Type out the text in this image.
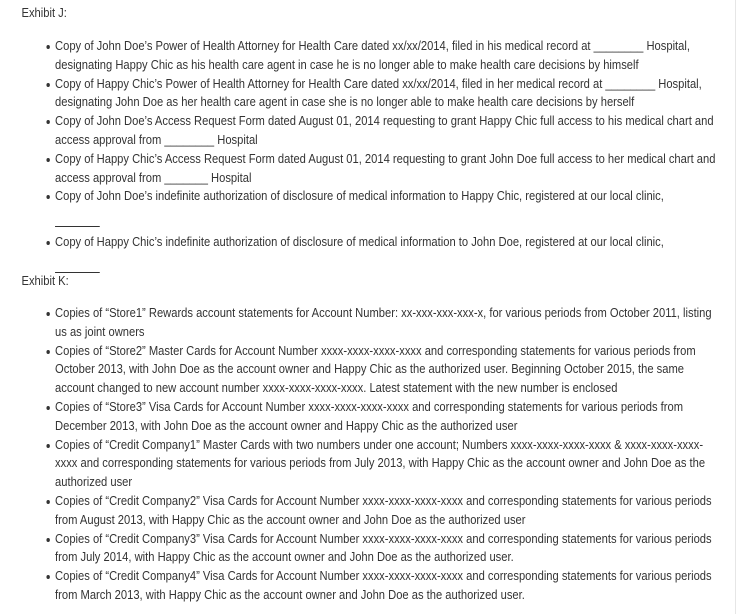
Exhibit J:

Copy of John Doe’s Power of Health Attorney for Health Care dated xx/xx/2014, filed in his medical record at ________ Hospital, designating Happy Chic as his health care agent in case he is no longer able to make health care decisions by himself
Copy of Happy Chic’s Power of Health Attorney for Health Care dated xx/xx/2014, filed in her medical record at ________ Hospital, designating John Doe as her health care agent in case she is no longer able to make health care decisions by herself
Copy of John Doe’s Access Request Form dated August 01, 2014 requesting to grant Happy Chic full access to his medical chart and access approval from ________ Hospital
Copy of Happy Chic’s Access Request Form dated August 01, 2014 requesting to grant John Doe full access to her medical chart and access approval from _______ Hospital
Copy of John Doe’s indefinite authorization of disclosure of medical information to Happy Chic, registered at our local clinic,

Copy of Happy Chic’s indefinite authorization of disclosure of medical information to John Doe, registered at our local clinic,

Exhibit K:

Copies of “Store1” Rewards account statements for Account Number: xx-xxx-xxx-xxx-x, for various periods from October 2011, listing us as joint owners
Copies of “Store2” Master Cards for Account Number xxxx-xxxx-xxxx-xxxx and corresponding statements for various periods from October 2013, with John Doe as the account owner and Happy Chic as the authorized user. Beginning October 2015, the same account changed to new account number xxxx-xxxx-xxxx-xxxx. Latest statement with the new number is enclosed
Copies of “Store3” Visa Cards for Account Number xxxx-xxxx-xxxx-xxxx and corresponding statements for various periods from December 2013, with John Doe as the account owner and Happy Chic as the authorized user
Copies of “Credit Company1” Master Cards with two numbers under one account; Numbers xxxx-xxxx-xxxx-xxxx & xxxx-xxxx-xxxx-xxxx and corresponding statements for various periods from July 2013, with Happy Chic as the account owner and John Doe as the authorized user
Copies of “Credit Company2” Visa Cards for Account Number xxxx-xxxx-xxxx-xxxx and corresponding statements for various periods from August 2013, with Happy Chic as the account owner and John Doe as the authorized user
Copies of “Credit Company3” Visa Cards for Account Number xxxx-xxxx-xxxx-xxxx and corresponding statements for various periods from July 2014, with Happy Chic as the account owner and John Doe as the authorized user.
Copies of “Credit Company4” Visa Cards for Account Number xxxx-xxxx-xxxx-xxxx and corresponding statements for various periods from March 2013, with Happy Chic as the account owner and John Doe as the authorized user.
